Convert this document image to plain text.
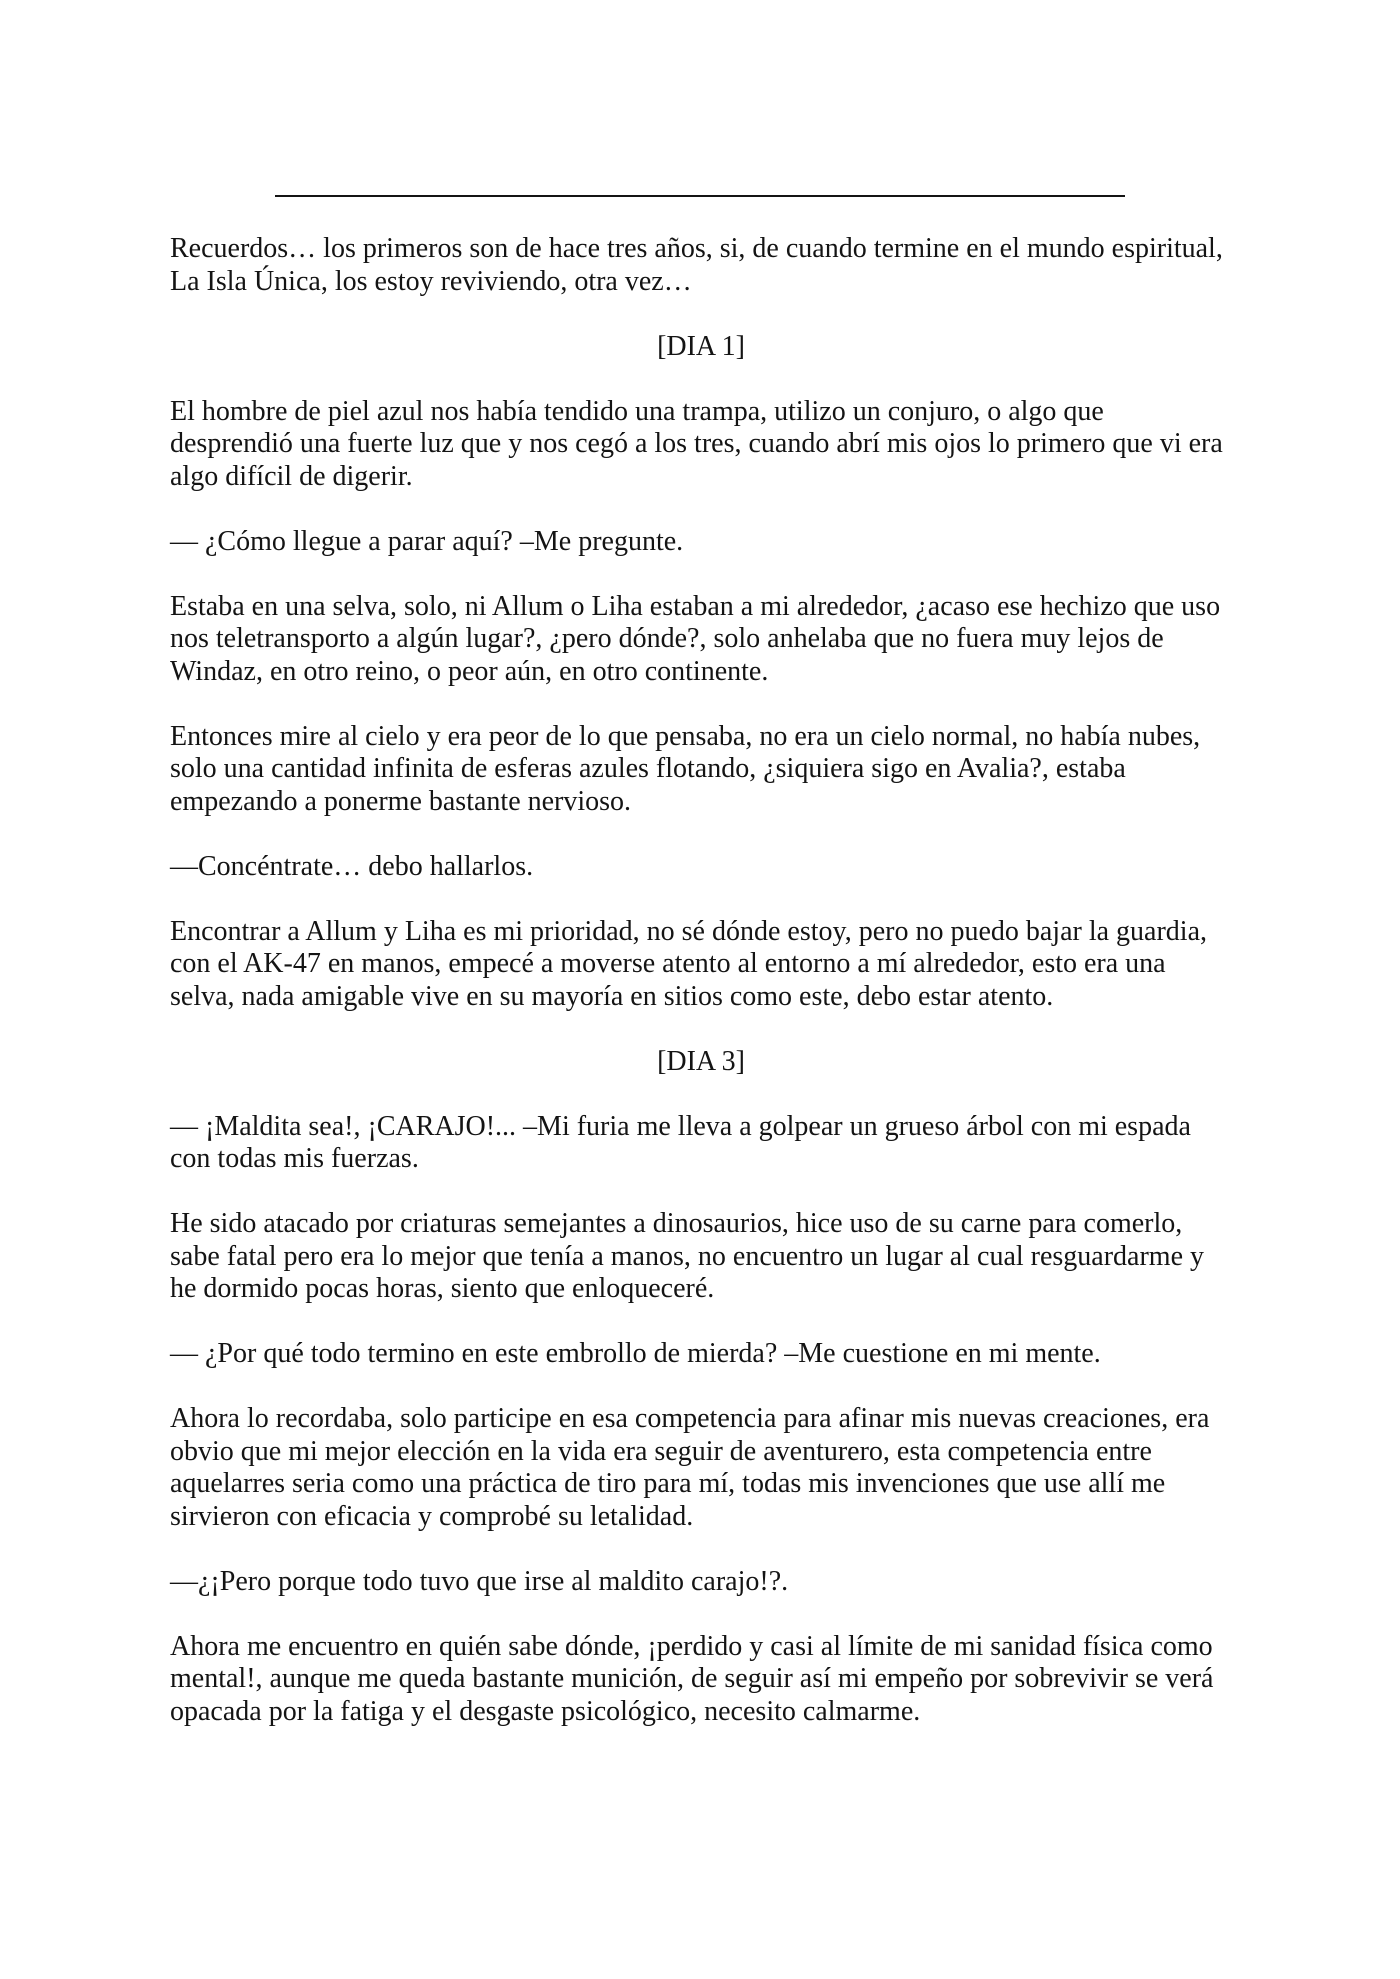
Recuerdos… los primeros son de hace tres años, si, de cuando termine en el mundo espiritual,
La Isla Única, los estoy reviviendo, otra vez…
[DIA 1]
El hombre de piel azul nos había tendido una trampa, utilizo un conjuro, o algo que
desprendió una fuerte luz que y nos cegó a los tres, cuando abrí mis ojos lo primero que vi era
algo difícil de digerir.
— ¿Cómo llegue a parar aquí? –Me pregunte.
Estaba en una selva, solo, ni Allum o Liha estaban a mi alrededor, ¿acaso ese hechizo que uso
nos teletransporto a algún lugar?, ¿pero dónde?, solo anhelaba que no fuera muy lejos de
Windaz, en otro reino, o peor aún, en otro continente.
Entonces mire al cielo y era peor de lo que pensaba, no era un cielo normal, no había nubes,
solo una cantidad infinita de esferas azules flotando, ¿siquiera sigo en Avalia?, estaba
empezando a ponerme bastante nervioso.
—Concéntrate… debo hallarlos.
Encontrar a Allum y Liha es mi prioridad, no sé dónde estoy, pero no puedo bajar la guardia,
con el AK-47 en manos, empecé a moverse atento al entorno a mí alrededor, esto era una
selva, nada amigable vive en su mayoría en sitios como este, debo estar atento.
[DIA 3]
— ¡Maldita sea!, ¡CARAJO!... –Mi furia me lleva a golpear un grueso árbol con mi espada
con todas mis fuerzas.
He sido atacado por criaturas semejantes a dinosaurios, hice uso de su carne para comerlo,
sabe fatal pero era lo mejor que tenía a manos, no encuentro un lugar al cual resguardarme y
he dormido pocas horas, siento que enloqueceré.
— ¿Por qué todo termino en este embrollo de mierda? –Me cuestione en mi mente.
Ahora lo recordaba, solo participe en esa competencia para afinar mis nuevas creaciones, era
obvio que mi mejor elección en la vida era seguir de aventurero, esta competencia entre
aquelarres seria como una práctica de tiro para mí, todas mis invenciones que use allí me
sirvieron con eficacia y comprobé su letalidad.
—¿¡Pero porque todo tuvo que irse al maldito carajo!?.
Ahora me encuentro en quién sabe dónde, ¡perdido y casi al límite de mi sanidad física como
mental!, aunque me queda bastante munición, de seguir así mi empeño por sobrevivir se verá
opacada por la fatiga y el desgaste psicológico, necesito calmarme.
